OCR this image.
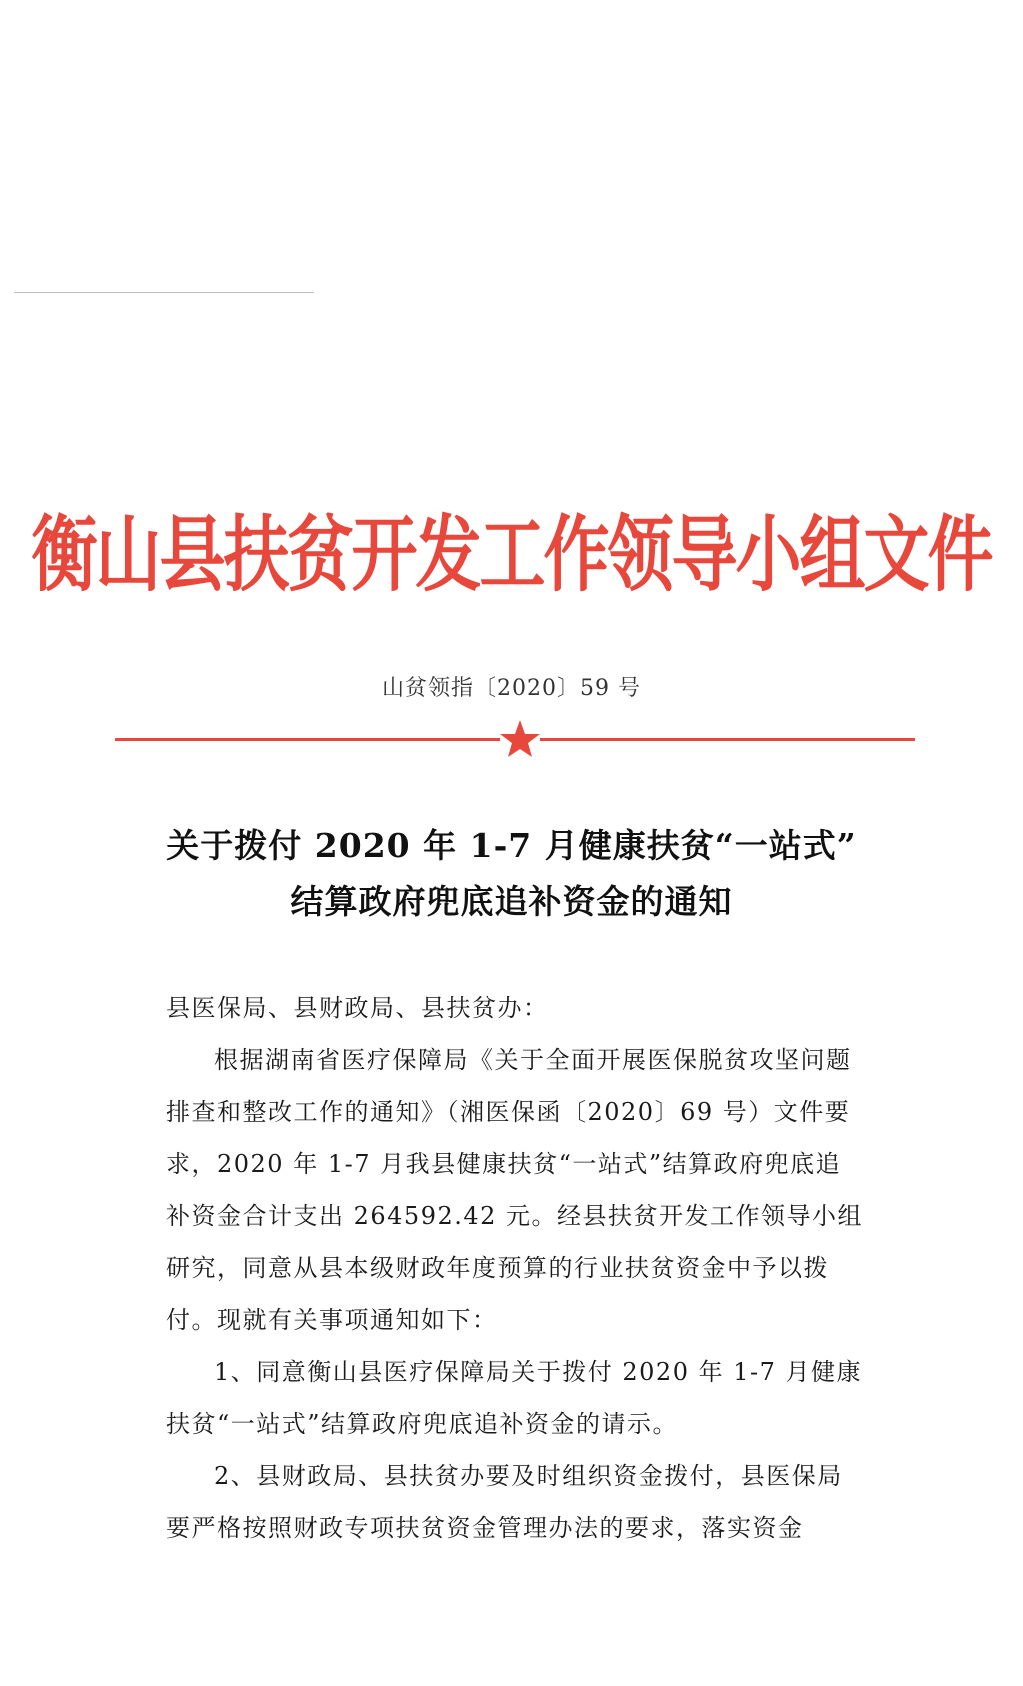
衡山县扶贫开发工作领导小组文件
山贫领指〔2020〕59 号
关于拨付 2020 年 1-7 月健康扶贫“一站式”
结算政府兜底追补资金的通知

县医保局、县财政局、县扶贫办：

根据湖南省医疗保障局《关于全面开展医保脱贫攻坚问题排查和整改工作的通知》（湘医保函〔2020〕69 号）文件要求，2020 年 1-7 月我县健康扶贫“一站式”结算政府兜底追补资金合计支出 264592.42 元。经县扶贫开发工作领导小组研究，同意从县本级财政年度预算的行业扶贫资金中予以拨付。现就有关事项通知如下：

1、同意衡山县医疗保障局关于拨付 2020 年 1-7 月健康扶贫“一站式”结算政府兜底追补资金的请示。

2、县财政局、县扶贫办要及时组织资金拨付，县医保局要严格按照财政专项扶贫资金管理办法的要求，落实资金
